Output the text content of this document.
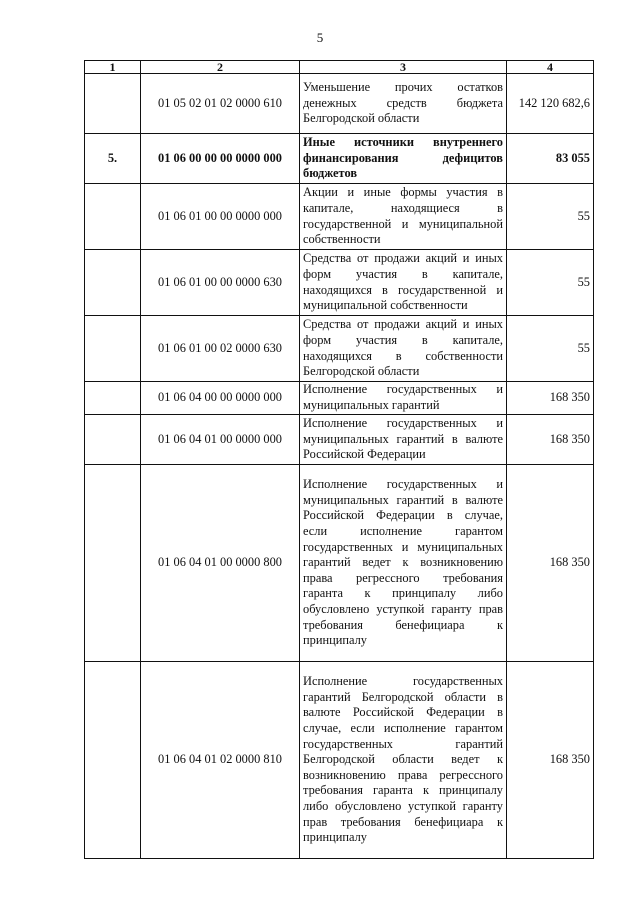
5
1	2	3	4
	01 05 02 01 02 0000 610	Уменьшение прочих остатков денежных средств бюджета Белгородской области	142 120 682,6
5.	01 06 00 00 00 0000 000	Иные источники внутреннего финансирования дефицитов бюджетов	83 055
	01 06 01 00 00 0000 000	Акции и иные формы участия в капитале, находящиеся в государственной и муниципальной собственности	55
	01 06 01 00 00 0000 630	Средства от продажи акций и иных форм участия в капитале, находящихся в государственной и муниципальной собственности	55
	01 06 01 00 02 0000 630	Средства от продажи акций и иных форм участия в капитале, находящихся в собственности Белгородской области	55
	01 06 04 00 00 0000 000	Исполнение государственных и муниципальных гарантий	168 350
	01 06 04 01 00 0000 000	Исполнение государственных и муниципальных гарантий в валюте Российской Федерации	168 350
	01 06 04 01 00 0000 800	Исполнение государственных и муниципальных гарантий в валюте Российской Федерации в случае, если исполнение гарантом государственных и муниципальных гарантий ведет к возникновению права регрессного требования гаранта к принципалу либо обусловлено уступкой гаранту прав требования бенефициара к принципалу	168 350
	01 06 04 01 02 0000 810	Исполнение государственных гарантий Белгородской области в валюте Российской Федерации в случае, если исполнение гарантом государственных гарантий Белгородской области ведет к возникновению права регрессного требования гаранта к принципалу либо обусловлено уступкой гаранту прав требования бенефициара к принципалу	168 350
